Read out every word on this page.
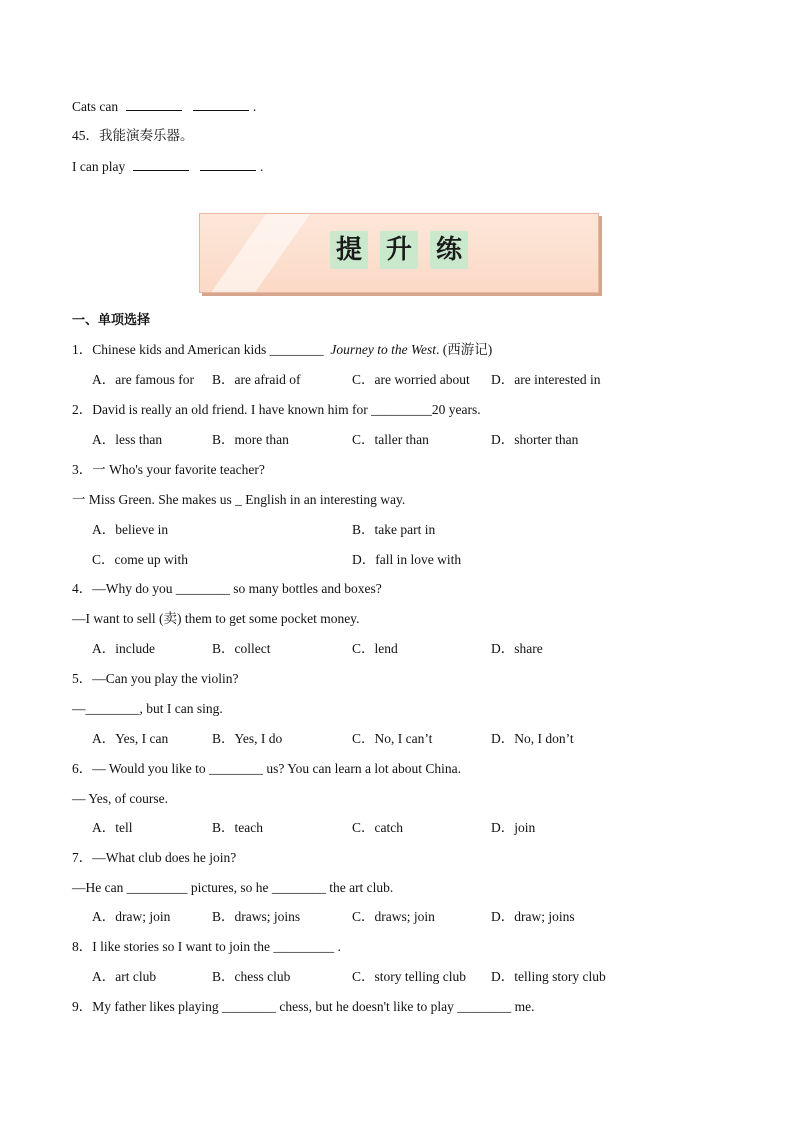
Cats can	.
45．我能演奏乐器。
I can play	.
提 升 练
一、单项选择
1．Chinese kids and American kids ________ Journey to the West. (西游记)
A．are famous for B．are afraid of	C．are worried about D．are interested in
2．David is really an old friend. I have known him for _________20 years.
A．less than	B．more than	C．taller than	D．shorter than
3．一 Who's your favorite teacher?
一 Miss Green. She makes us _ English in an interesting way.
A．believe in	B．take part in
C．come up with	D．fall in love with
4．—Why do you ________ so many bottles and boxes?
—I want to sell (卖) them to get some pocket money.
A．include	B．collect	C．lend	D．share
5．—Can you play the violin?
—________, but I can sing.
A．Yes, I can	B．Yes, I do	C．No, I can’t	D．No, I don’t
6．— Would you like to ________ us? You can learn a lot about China.
— Yes, of course.
A．tell	B．teach	C．catch	D．join
7．—What club does he join?
—He can _________ pictures, so he ________ the art club.
A．draw; join	B．draws; joins	C．draws; join	D．draw; joins
8．I like stories so I want to join the _________ .
A．art club	B．chess club	C．story telling club D．telling story club
9．My father likes playing ________ chess, but he doesn't like to play ________ me.
